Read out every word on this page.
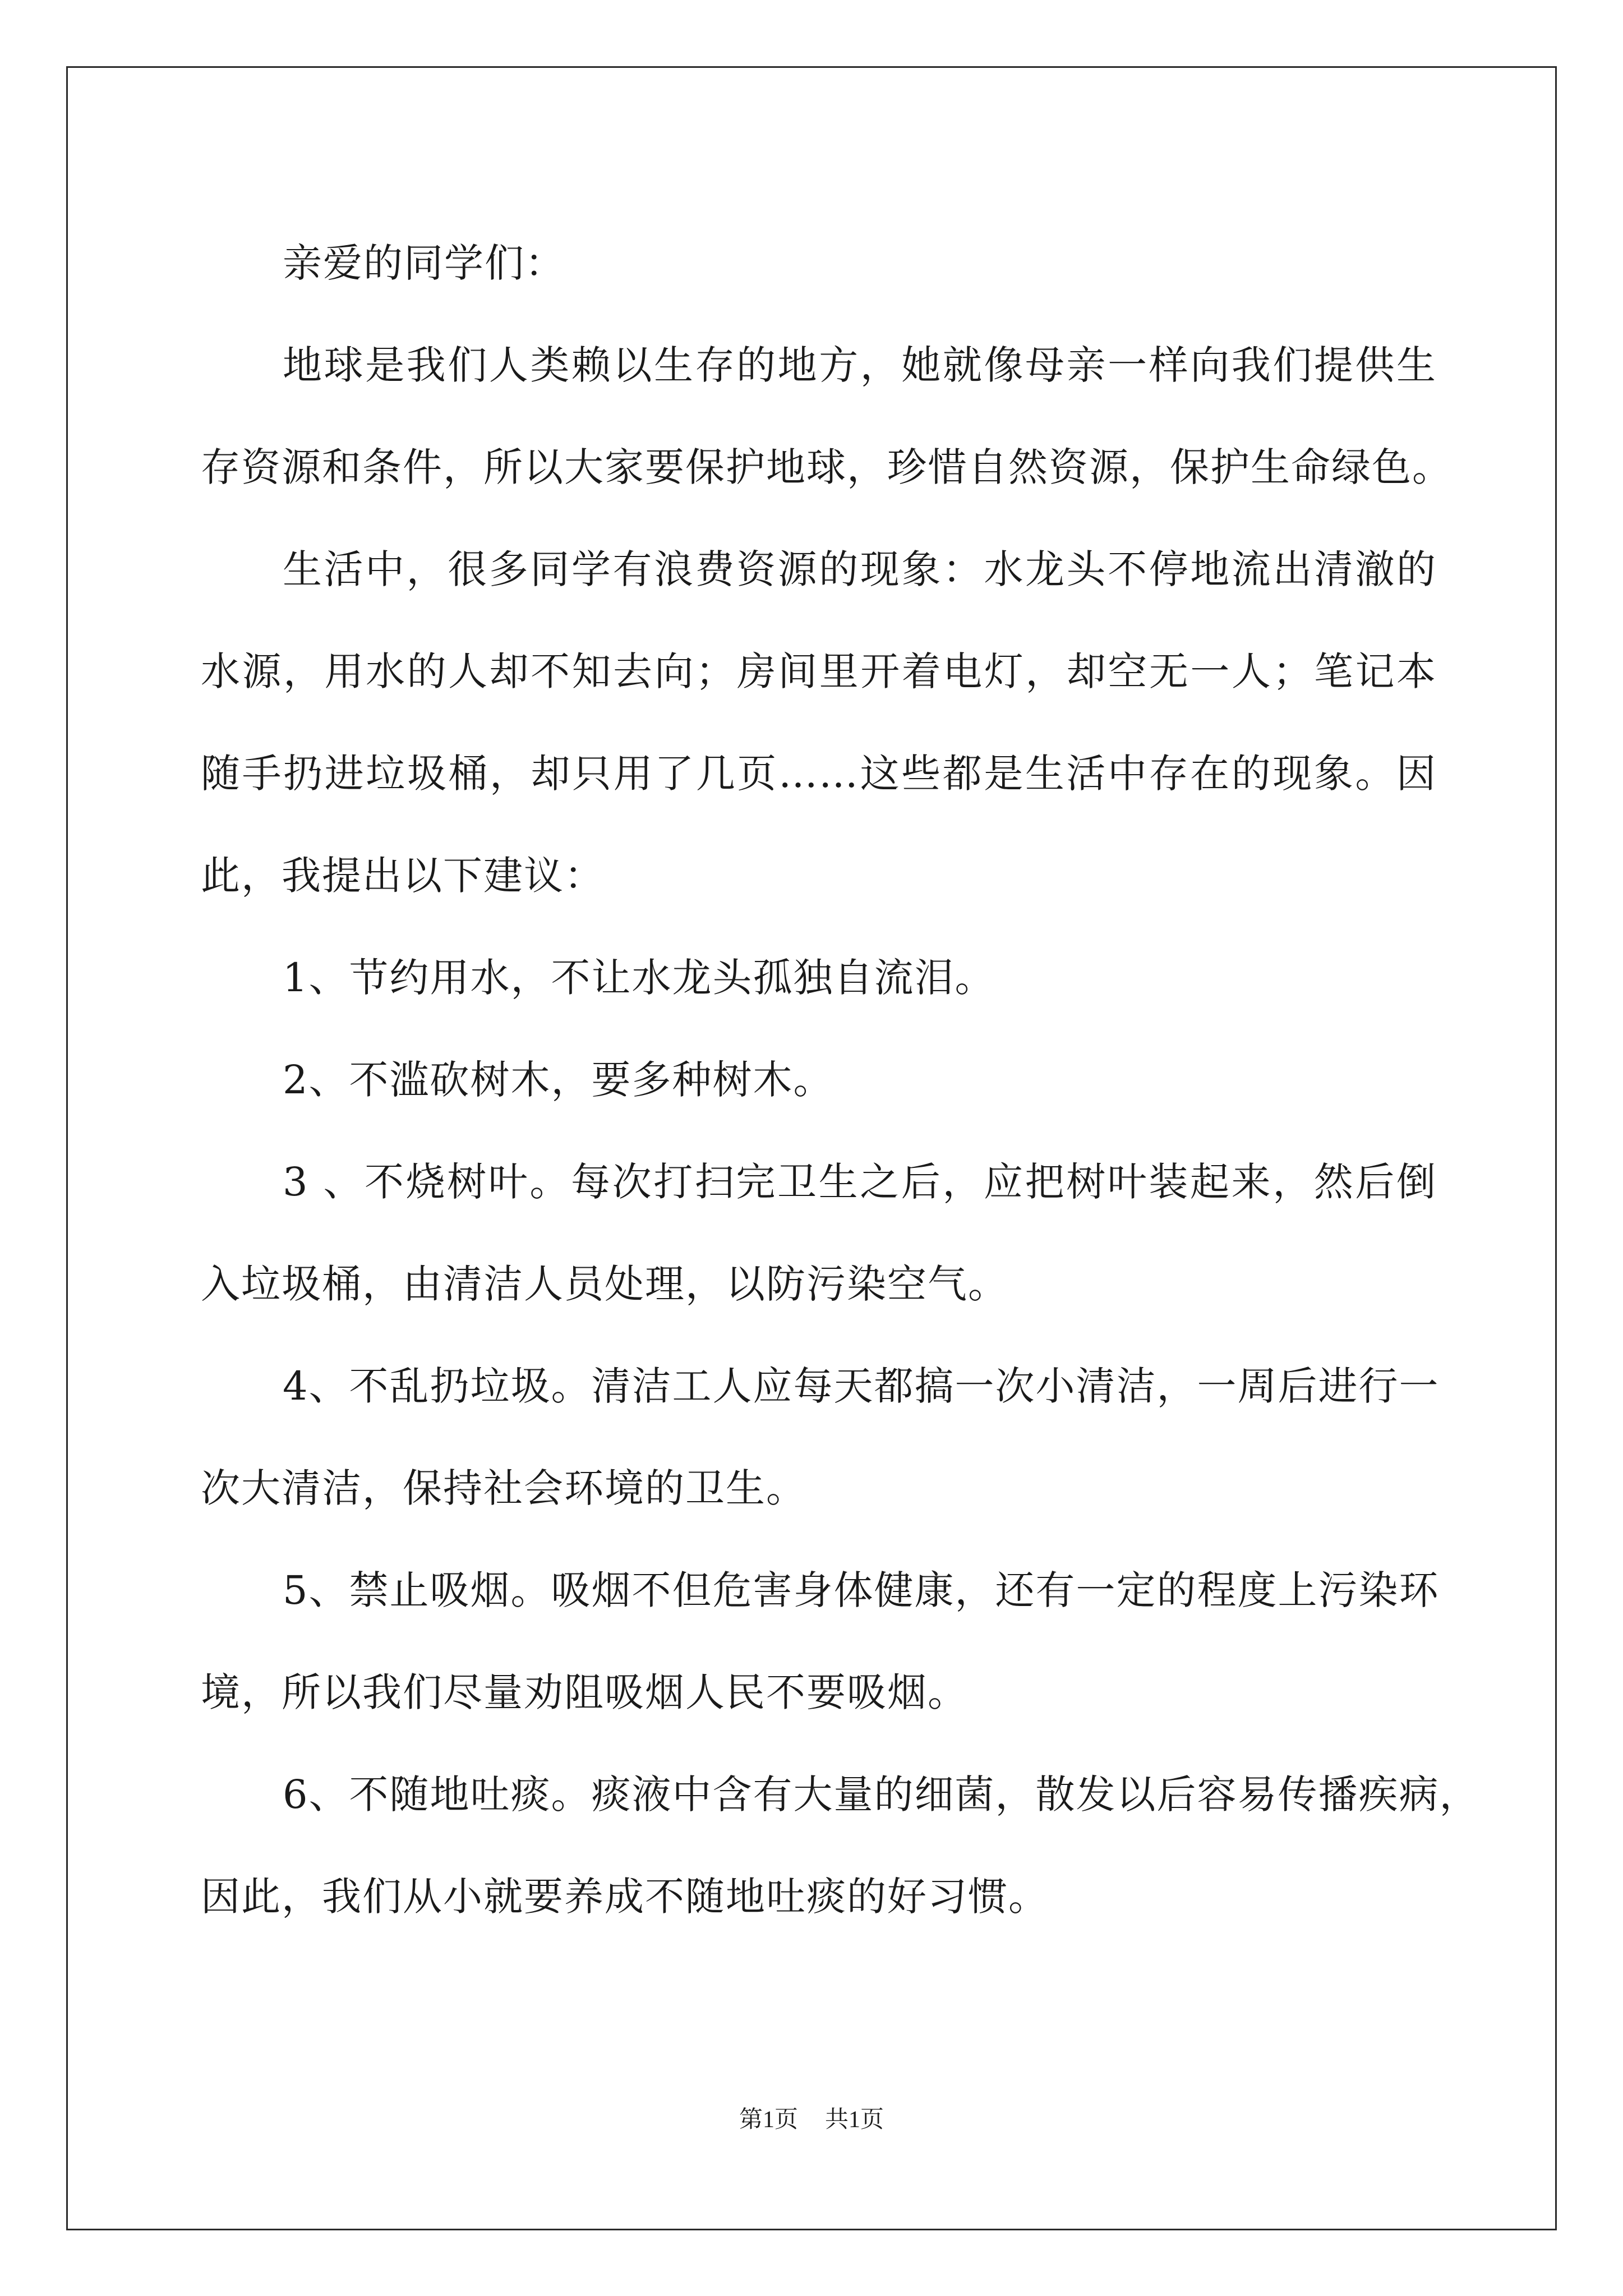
亲爱的同学们：
地球是我们人类赖以生存的地方，她就像母亲一样向我们提供生
存资源和条件，所以大家要保护地球，珍惜自然资源，保护生命绿色。
生活中，很多同学有浪费资源的现象：水龙头不停地流出清澈的
水源，用水的人却不知去向；房间里开着电灯，却空无一人；笔记本
随手扔进垃圾桶，却只用了几页……这些都是生活中存在的现象。因
此，我提出以下建议：
1、节约用水，不让水龙头孤独自流泪。
2、不滥砍树木，要多种树木。
3 、不烧树叶。每次打扫完卫生之后，应把树叶装起来，然后倒
入垃圾桶，由清洁人员处理，以防污染空气。
4、不乱扔垃圾。清洁工人应每天都搞一次小清洁，一周后进行一
次大清洁，保持社会环境的卫生。
5、禁止吸烟。吸烟不但危害身体健康，还有一定的程度上污染环
境，所以我们尽量劝阻吸烟人民不要吸烟。
6、不随地吐痰。痰液中含有大量的细菌，散发以后容易传播疾病，
因此，我们从小就要养成不随地吐痰的好习惯。
第1页 共1页
